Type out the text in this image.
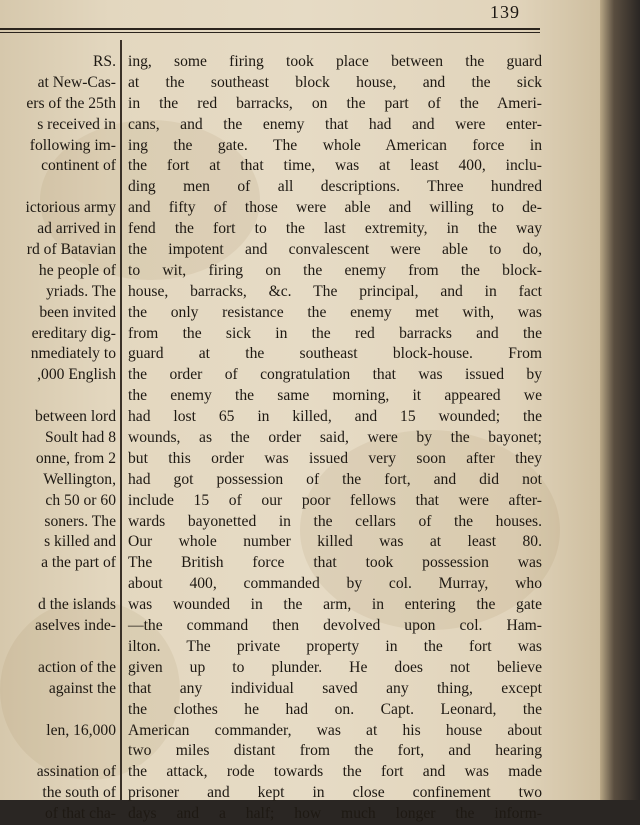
139
RS.
at New-Cas-
ers of the 25th
s received in
following im-
continent of
ictorious army
ad arrived in
rd of Batavian
he people of
yriads. The
been invited
ereditary dig-
nmediately to
,000 English
between lord
Soult had 8
onne, from 2
Wellington,
ch 50 or 60
soners. The
s killed and
a the part of
d the islands
aselves inde-
action of the
against the
len, 16,000
assination of
the south of
of that cha-
ing, some firing took place between the guard
at the southeast block house, and the sick
in the red barracks, on the part of the Ameri-
cans, and the enemy that had and were enter-
ing the gate. The whole American force in
the fort at that time, was at least 400, inclu-
ding men of all descriptions. Three hundred
and fifty of those were able and willing to de-
fend the fort to the last extremity, in the way
the impotent and convalescent were able to do,
to wit, firing on the enemy from the block-
house, barracks, &c. The principal, and in fact
the only resistance the enemy met with, was
from the sick in the red barracks and the
guard at the southeast block-house. From
the order of congratulation that was issued by
the enemy the same morning, it appeared we
had lost 65 in killed, and 15 wounded; the
wounds, as the order said, were by the bayonet;
but this order was issued very soon after they
had got possession of the fort, and did not
include 15 of our poor fellows that were after-
wards bayonetted in the cellars of the houses.
Our whole number killed was at least 80.
The British force that took possession was
about 400, commanded by col. Murray, who
was wounded in the arm, in entering the gate
—the command then devolved upon col. Ham-
ilton. The private property in the fort was
given up to plunder. He does not believe
that any individual saved any thing, except
the clothes he had on. Capt. Leonard, the
American commander, was at his house about
two miles distant from the fort, and hearing
the attack, rode towards the fort and was made
prisoner and kept in close confinement two
days and a half; how much longer the inform-
